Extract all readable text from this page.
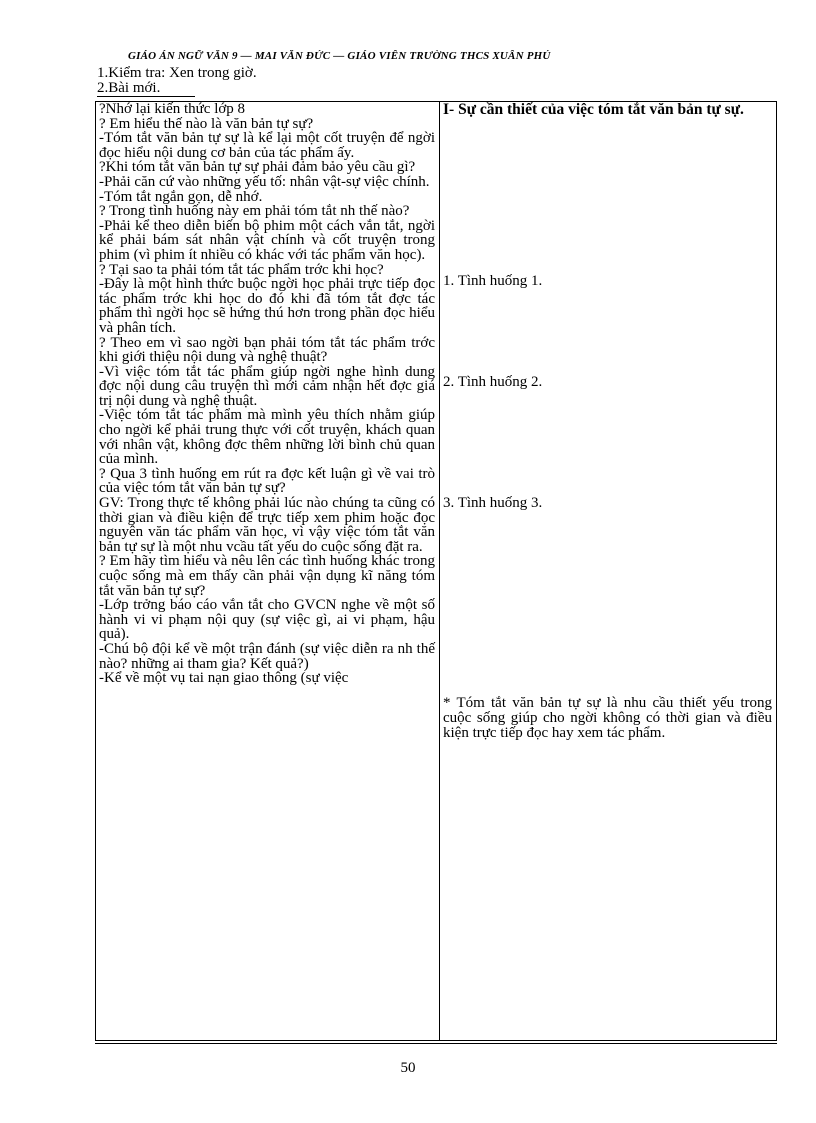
GIÁO ÁN NGỮ VĂN 9 — MAI VĂN ĐỨC — GIÁO VIÊN TRƯỜNG THCS XUÂN PHÚ
1.Kiểm tra: Xen trong giờ.
2.Bài mới.

?Nhớ lại kiến thức lớp 8

? Em hiểu thế nào là văn bản tự sự?

-Tóm tắt văn bản tự sự là kể lại một cốt truyện để ngời đọc hiểu nội dung cơ bản của tác phẩm ấy.

?Khi tóm tắt văn bản tự sự phải đảm bảo yêu cầu gì?

-Phải căn cứ vào những yếu tố: nhân vật-sự việc chính.

-Tóm tắt ngắn gọn, dễ nhớ.

? Trong tình huống này em phải tóm tắt nh thế nào?

-Phải kể theo diễn biến bộ phim một cách vắn tắt, ngời kể phải bám sát nhân vật chính và cốt truyện trong phim (vì phim ít nhiều có khác với tác phẩm văn học).

? Tại sao ta phải tóm tắt tác phẩm trớc khi học?

-Đây là một hình thức buộc ngời học phải trực tiếp đọc tác phẩm trớc khi học do đó khi đã tóm tắt đợc tác phẩm thì ngời học sẽ hứng thú hơn trong phần đọc hiểu và phân tích.

? Theo em vì sao ngời bạn phải tóm tắt tác phẩm trớc khi giới thiệu nội dung và nghệ thuật?

-Vì việc tóm tắt tác phẩm giúp ngời nghe hình dung đợc nội dung câu truyện thì mới cảm nhận hết đợc giá trị nội dung và nghệ thuật.

-Việc tóm tắt tác phẩm mà mình yêu thích nhằm giúp cho ngời kể phải trung thực với cốt truyện, khách quan với nhân vật, không đợc thêm những lời bình chủ quan của mình.

? Qua 3 tình huống em rút ra đợc kết luận gì về vai trò của việc tóm tắt văn bản tự sự?

GV: Trong thực tế không phải lúc nào chúng ta cũng có thời gian và điều kiện để trực tiếp xem phim hoặc đọc nguyên văn tác phẩm văn học, vì vậy việc tóm tắt văn bản tự sự là một nhu vcầu tất yếu do cuộc sống đặt ra.

? Em hãy tìm hiểu và nêu lên các tình huống khác trong cuộc sống mà em thấy cần phải vận dụng kĩ năng tóm tắt văn bản tự sự?

-Lớp trởng báo cáo vắn tắt cho GVCN nghe về một số hành vi vi phạm nội quy (sự việc gì, ai vi phạm, hậu quả).

-Chú bộ đội kể về một trận đánh (sự việc diễn ra nh thế nào? những ai tham gia? Kết quả?)

-Kể về một vụ tai nạn giao thông (sự việc

I- Sự cần thiết của việc tóm tắt văn bản tự sự.
1. Tình huống 1.
2. Tình huống 2.
3. Tình huống 3.
* Tóm tắt văn bản tự sự là nhu cầu thiết yếu trong cuộc sống giúp cho ngời không có thời gian và điều kiện trực tiếp đọc hay xem tác phẩm.
50
